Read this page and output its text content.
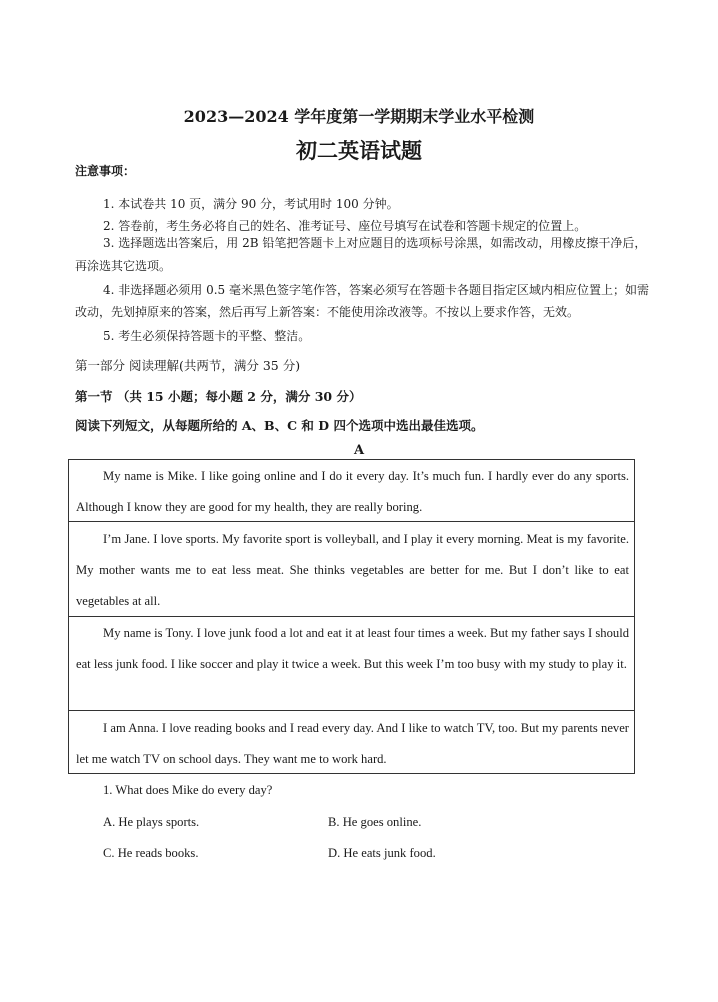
2023—2024 学年度第一学期期末学业水平检测
初二英语试题
注意事项：
1. 本试卷共 10 页，满分 90 分，考试用时 100 分钟。
2. 答卷前，考生务必将自己的姓名、准考证号、座位号填写在试卷和答题卡规定的位置上。
3. 选择题选出答案后，用 2B 铅笔把答题卡上对应题目的选项标号涂黑，如需改动，用橡皮擦干净后，
再涂选其它选项。
4. 非选择题必须用 0.5 毫米黑色签字笔作答，答案必须写在答题卡各题目指定区域内相应位置上；如需
改动，先划掉原来的答案，然后再写上新答案：不能使用涂改液等。不按以上要求作答，无效。
5. 考生必须保持答题卡的平整、整洁。
第一部分 阅读理解(共两节，满分 35 分)
第一节 （共 15 小题；每小题 2 分，满分 30 分）
阅读下列短文，从每题所给的 A、B、C 和 D 四个选项中选出最佳选项。
A
My name is Mike. I like going online and I do it every day. It’s much fun. I hardly ever do any sports. Although I know they are good for my health, they are really boring.
I’m Jane. I love sports. My favorite sport is volleyball, and I play it every morning. Meat is my favorite. My mother wants me to eat less meat. She thinks vegetables are better for me. But I don’t like to eat vegetables at all.
My name is Tony. I love junk food a lot and eat it at least four times a week. But my father says I should eat less junk food. I like soccer and play it twice a week. But this week I’m too busy with my study to play it.
I am Anna. I love reading books and I read every day. And I like to watch TV, too. But my parents never let me watch TV on school days. They want me to work hard.
1. What does Mike do every day?
A. He plays sports.	B. He goes online.
C. He reads books.	D. He eats junk food.
